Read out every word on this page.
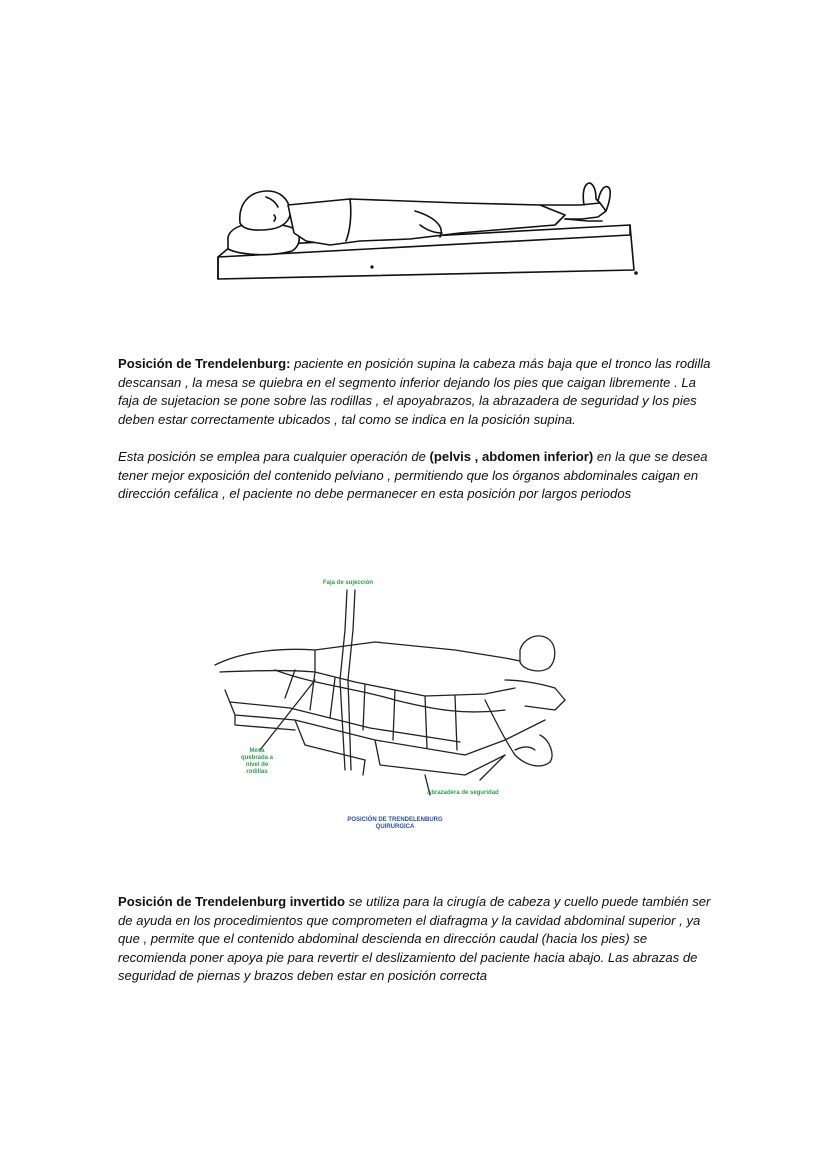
Posición de Trendelenburg: paciente en posición supina la cabeza más baja que el tronco las rodilla descansan , la mesa se quiebra en el segmento inferior dejando los pies que caigan libremente . La faja de sujetacion se pone sobre las rodillas , el apoyabrazos, la abrazadera de seguridad y los pies deben estar correctamente ubicados , tal como se indica en la posición supina.
Esta posición se emplea para cualquier operación de (pelvis , abdomen inferior) en la que se desea tener mejor exposición del contenido pelviano , permitiendo que los órganos abdominales caigan en dirección cefálica , el paciente no debe permanecer en esta posición por largos periodos
Faja de sujección
Mesa
quebrada a
nivel de
rodillas
Abrazadera de seguridad
POSICIÓN DE TRENDELENBURG
QUIRURGICA
Posición de Trendelenburg invertido se utiliza para la cirugía de cabeza y cuello puede también ser de ayuda en los procedimientos que comprometen el diafragma y la cavidad abdominal superior , ya que , permite que el contenido abdominal descienda en dirección caudal (hacia los pies) se recomienda poner apoya pie para revertir el deslizamiento del paciente hacia abajo. Las abrazas de seguridad de piernas y brazos deben estar en posición correcta
